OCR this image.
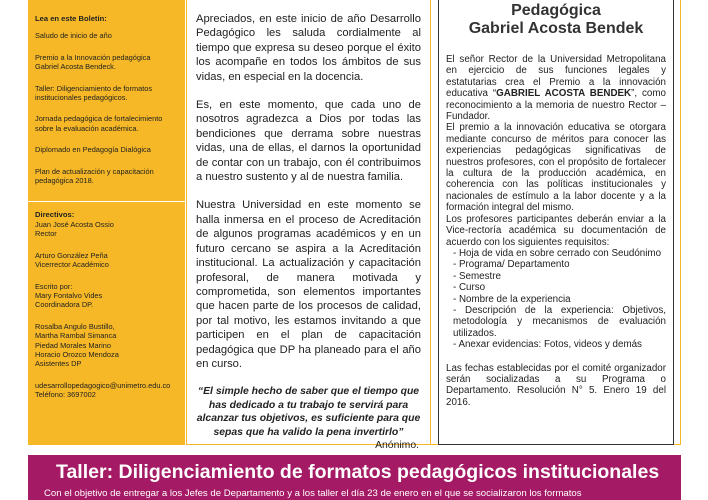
Lea en este Boletín:
Saludo de inicio de año
Premio a la Innovación pedagógica
Gabriel Acosta Bendeck.
Taller: Diligenciamiento de formatos
institucionales pedagógicos.
Jornada pedagógica de fortalecimiento
sobre la evaluación académica.
Diplomado en Pedagogía Dialógica
Plan de actualización y capacitación
pedagógica 2018.
Directivos:
Juan José Acosta Ossio
Rector
Arturo González Peña
Vicerrector Académico
Escrito por:
Mary Fontalvo Vides
Coordinadora DP.
Rosalba Angulo Bustillo,
Martha Rambal Simanca
Piedad Morales Marino
Horacio Orozco Mendoza
Asistentes DP
udesarrollopedagogico@unimetro.edu.co
Teléfono: 3697002

Apreciados, en este inicio de año Desarrollo Pedagógico les saluda cordialmente al tiempo que expresa su deseo porque el éxito los acompañe en todos los ámbitos de sus vidas, en especial en la docencia.

Es, en este momento, que cada uno de nosotros agradezca a Dios por todas las bendiciones que derrama sobre nuestras vidas, una de ellas, el darnos la oportunidad de contar con un trabajo, con él contribuimos a nuestro sustento y al de nuestra familia.

Nuestra Universidad en este momento se halla inmersa en el proceso de Acreditación de algunos programas académicos y en un futuro cercano se aspira a la Acreditación institucional. La actualización y capacitación profesoral, de manera motivada y comprometida, son elementos importantes que hacen parte de los procesos de calidad, por tal motivo, les estamos invitando a que participen en el plan de capacitación pedagógica que DP ha planeado para el año en curso.

“El simple hecho de saber que el tiempo que has dedicado a tu trabajo te servirá para alcanzar tus objetivos, es suficiente para que sepas que ha valido la pena invertirlo”

Anónimo.

Pedagógica
Gabriel Acosta Bendek

El señor Rector de la Universidad Metropolitana en ejercicio de sus funciones legales y estatutarias crea el Premio a la innovación educativa “GABRIEL ACOSTA BENDEK”, como reconocimiento a la memoria de nuestro Rector – Fundador.

El premio a la innovación educativa se otorgara mediante concurso de méritos para conocer las experiencias pedagógicas significativas de nuestros profesores, con el propósito de fortalecer la cultura de la producción académica, en coherencia con las políticas institucionales y nacionales de estímulo a la labor docente y a la formación integral del mismo.

Los profesores participantes deberán enviar a la Vice-rectoría académica su documentación de acuerdo con los siguientes requisitos:

- Hoja de vida en sobre cerrado con Seudónimo
- Programa/ Departamento
- Semestre
- Curso
- Nombre de la experiencia
- Descripción de la experiencia: Objetivos, metodología y mecanismos de evaluación utilizados.
- Anexar evidencias: Fotos, videos y demás

Las fechas establecidas por el comité organizador serán socializadas a su Programa o Departamento. Resolución N° 5. Enero 19 del 2016.

Taller: Diligenciamiento de formatos pedagógicos institucionales
Con el objetivo de entregar a los Jefes de Departamento y a los taller el día 23 de enero en el que se socializaron los formatos
